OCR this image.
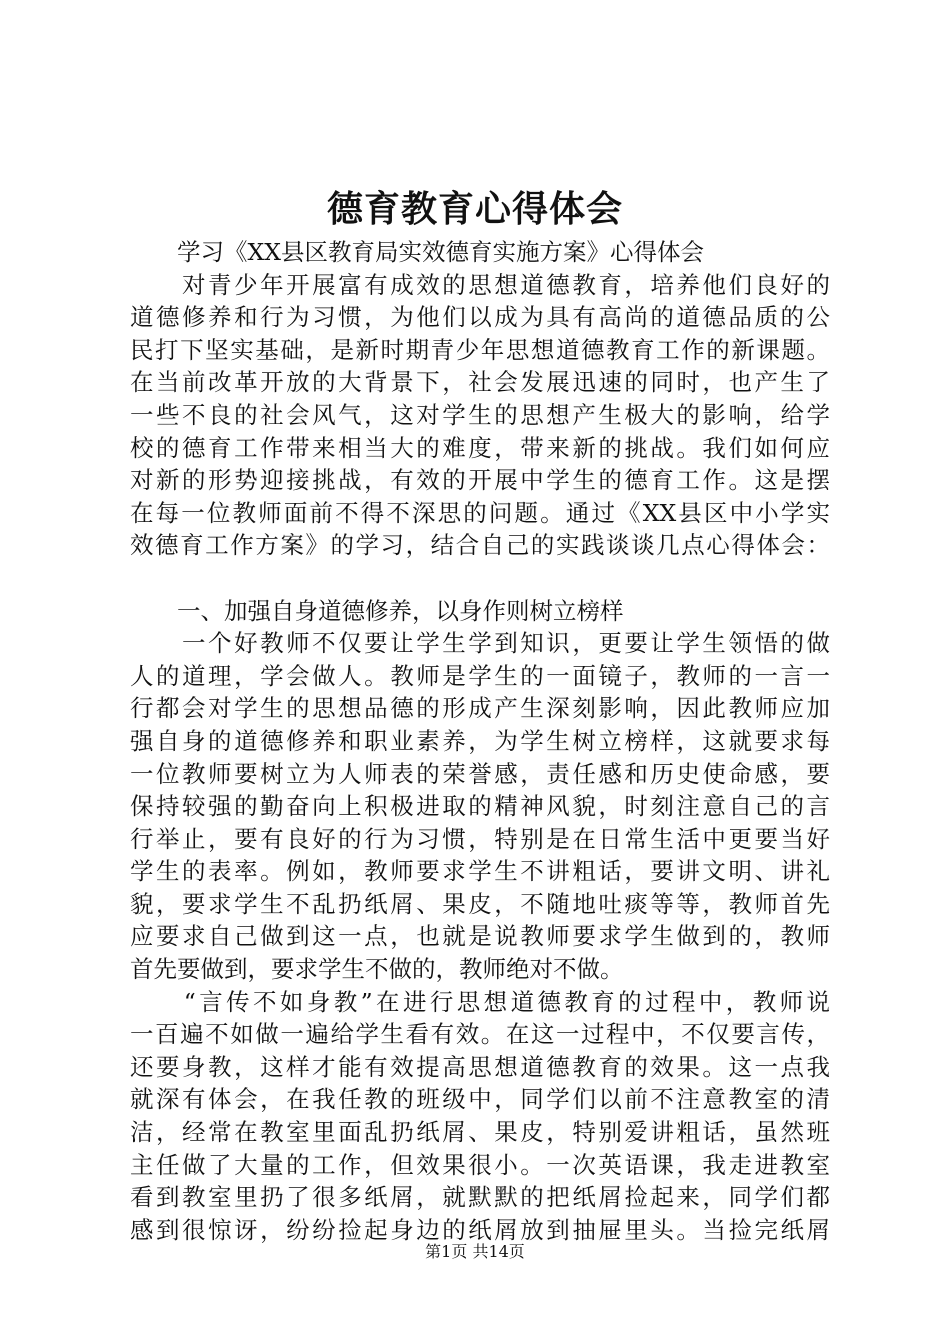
德育教育心得体会
　　学习《XX县区教育局实效德育实施方案》心得体会
　　对青少年开展富有成效的思想道德教育，培养他们良好的
道德修养和行为习惯，为他们以成为具有高尚的道德品质的公
民打下坚实基础，是新时期青少年思想道德教育工作的新课题。
在当前改革开放的大背景下，社会发展迅速的同时，也产生了
一些不良的社会风气，这对学生的思想产生极大的影响，给学
校的德育工作带来相当大的难度，带来新的挑战。我们如何应
对新的形势迎接挑战，有效的开展中学生的德育工作。这是摆
在每一位教师面前不得不深思的问题。通过《XX县区中小学实
效德育工作方案》的学习，结合自己的实践谈谈几点心得体会：
　　一、加强自身道德修养，以身作则树立榜样
　　一个好教师不仅要让学生学到知识，更要让学生领悟的做
人的道理，学会做人。教师是学生的一面镜子，教师的一言一
行都会对学生的思想品德的形成产生深刻影响，因此教师应加
强自身的道德修养和职业素养，为学生树立榜样，这就要求每
一位教师要树立为人师表的荣誉感，责任感和历史使命感，要
保持较强的勤奋向上积极进取的精神风貌，时刻注意自己的言
行举止，要有良好的行为习惯，特别是在日常生活中更要当好
学生的表率。例如，教师要求学生不讲粗话，要讲文明、讲礼
貌，要求学生不乱扔纸屑、果皮，不随地吐痰等等，教师首先
应要求自己做到这一点，也就是说教师要求学生做到的，教师
首先要做到，要求学生不做的，教师绝对不做。
　　“言传不如身教”在进行思想道德教育的过程中，教师说
一百遍不如做一遍给学生看有效。在这一过程中，不仅要言传，
还要身教，这样才能有效提高思想道德教育的效果。这一点我
就深有体会，在我任教的班级中，同学们以前不注意教室的清
洁，经常在教室里面乱扔纸屑、果皮，特别爱讲粗话，虽然班
主任做了大量的工作，但效果很小。一次英语课，我走进教室
看到教室里扔了很多纸屑，就默默的把纸屑捡起来，同学们都
感到很惊讶，纷纷捡起身边的纸屑放到抽屉里头。当捡完纸屑
第1页 共14页
